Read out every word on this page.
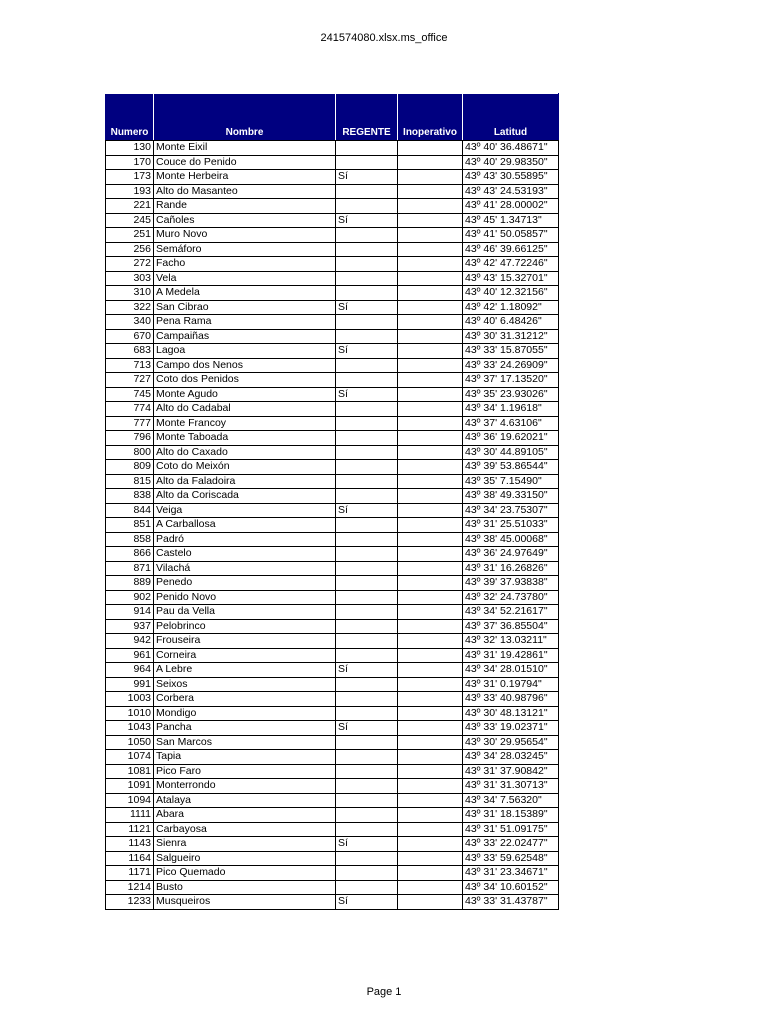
241574080.xlsx.ms_office
Numero	Nombre	REGENTE	Inoperativo	Latitud
130	Monte Eixil			43º 40' 36.48671"
170	Couce do Penido			43º 40' 29.98350"
173	Monte Herbeira	Sí		43º 43' 30.55895"
193	Alto do Masanteo			43º 43' 24.53193"
221	Rande			43º 41' 28.00002"
245	Cañoles	Sí		43º 45' 1.34713"
251	Muro Novo			43º 41' 50.05857"
256	Semáforo			43º 46' 39.66125"
272	Facho			43º 42' 47.72246"
303	Vela			43º 43' 15.32701"
310	A Medela			43º 40' 12.32156"
322	San Cibrao	Sí		43º 42' 1.18092"
340	Pena Rama			43º 40' 6.48426"
670	Campaiñas			43º 30' 31.31212"
683	Lagoa	Sí		43º 33' 15.87055"
713	Campo dos Nenos			43º 33' 24.26909"
727	Coto dos Penidos			43º 37' 17.13520"
745	Monte Agudo	Sí		43º 35' 23.93026"
774	Alto do Cadabal			43º 34' 1.19618"
777	Monte Francoy			43º 37' 4.63106"
796	Monte Taboada			43º 36' 19.62021"
800	Alto do Caxado			43º 30' 44.89105"
809	Coto do Meixón			43º 39' 53.86544"
815	Alto da Faladoira			43º 35' 7.15490"
838	Alto da Coriscada			43º 38' 49.33150"
844	Veiga	Sí		43º 34' 23.75307"
851	A Carballosa			43º 31' 25.51033"
858	Padró			43º 38' 45.00068"
866	Castelo			43º 36' 24.97649"
871	Vilachá			43º 31' 16.26826"
889	Penedo			43º 39' 37.93838"
902	Penido Novo			43º 32' 24.73780"
914	Pau da Vella			43º 34' 52.21617"
937	Pelobrinco			43º 37' 36.85504"
942	Frouseira			43º 32' 13.03211"
961	Corneira			43º 31' 19.42861"
964	A Lebre	Sí		43º 34' 28.01510"
991	Seixos			43º 31' 0.19794"
1003	Corbera			43º 33' 40.98796"
1010	Mondigo			43º 30' 48.13121"
1043	Pancha	Sí		43º 33' 19.02371"
1050	San Marcos			43º 30' 29.95654"
1074	Tapia			43º 34' 28.03245"
1081	Pico Faro			43º 31' 37.90842"
1091	Monterrondo			43º 31' 31.30713"
1094	Atalaya			43º 34' 7.56320"
1111	Abara			43º 31' 18.15389"
1121	Carbayosa			43º 31' 51.09175"
1143	Sienra	Sí		43º 33' 22.02477"
1164	Salgueiro			43º 33' 59.62548"
1171	Pico Quemado			43º 31' 23.34671"
1214	Busto			43º 34' 10.60152"
1233	Musqueiros	Sí		43º 33' 31.43787"
Page 1
